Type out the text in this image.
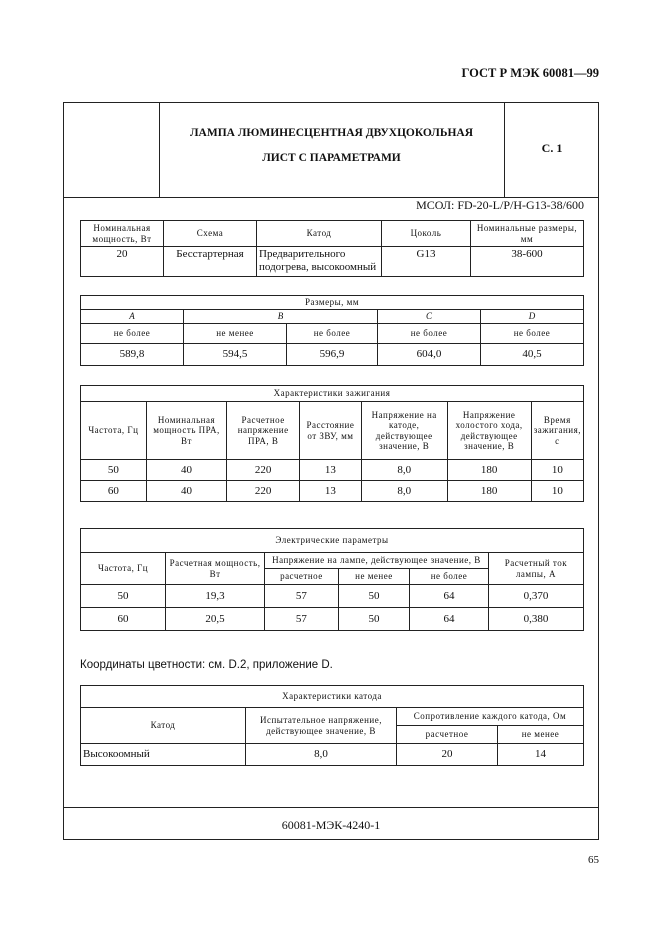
ГОСТ Р МЭК 60081—99
ЛАМПА ЛЮМИНЕСЦЕНТНАЯ ДВУХЦОКОЛЬНАЯ
ЛИСТ С ПАРАМЕТРАМИ
С. 1
МСОЛ: FD-20-L/P/H-G13-38/600
Номинальная мощность, Вт	Схема	Катод	Цоколь	Номинальные размеры, мм
20	Бесстартерная	Предварительного подогрева, высокоомный	G13	38-600
Размеры, мм				
A	B		C	D
не более	не менее	не более	не более	не более
589,8	594,5	596,9	604,0	40,5
Характеристики зажигания						
Частота, Гц	Номинальная мощность ПРА, Вт	Расчетное напряжение ПРА, В	Расстояние от ЗВУ, мм	Напряжение на катоде, действующее значение, В	Напряжение холостого хода, действующее значение, В	Время зажигания, с
50	40	220	13	8,0	180	10
60	40	220	13	8,0	180	10
Электрические параметры					
Частота, Гц	Расчетная мощность, Вт	Напряжение на лампе, действующее значение, В			Расчетный ток лампы, А
		расчетное	не менее	не более	
50	19,3	57	50	64	0,370
60	20,5	57	50	64	0,380
Координаты цветности: см. D.2, приложение D.
Характеристики катода			
Катод	Испытательное напряжение, действующее значение, В	Сопротивление каждого катода, Ом	
		расчетное	не менее
Высокоомный	8,0	20	14
60081-МЭК-4240-1
65
